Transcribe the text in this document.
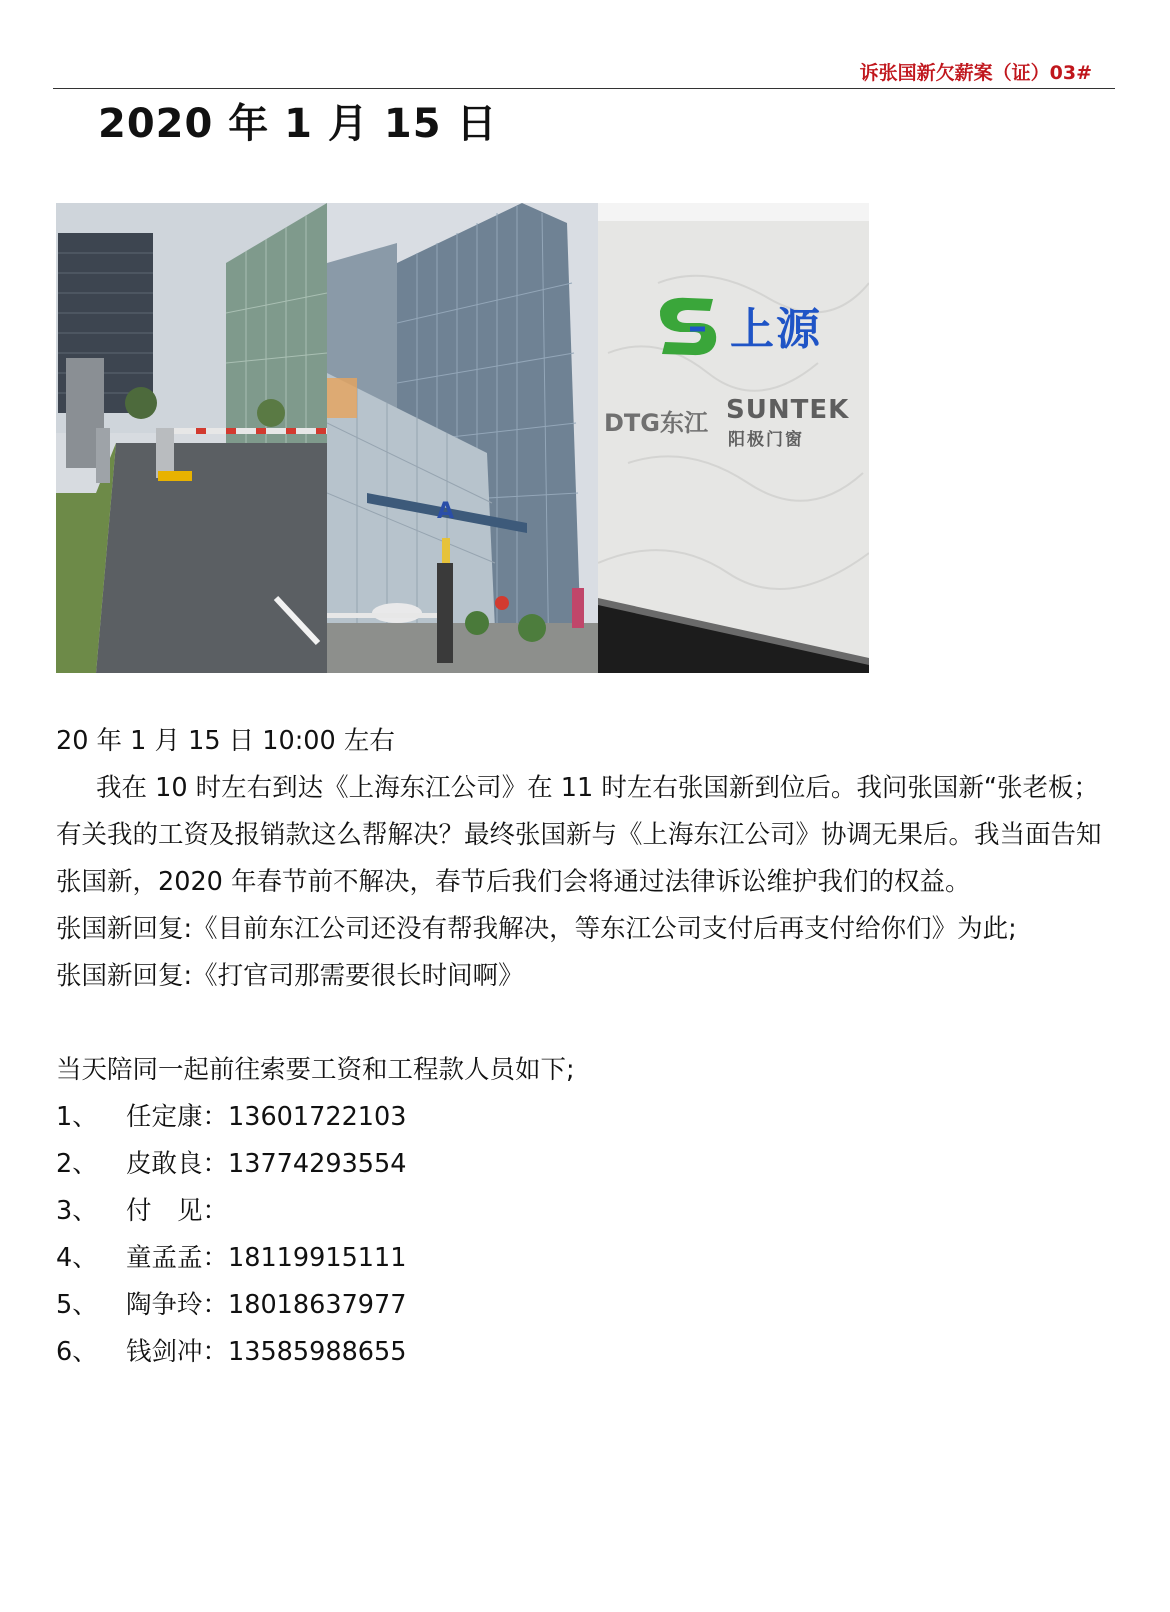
诉张国新欠薪案（证）03#
2020 年 1 月 15 日
A
上源
DTG东江 SUNTEK
阳极门窗

20 年 1 月 15 日 10:00 左右

我在 10 时左右到达《上海东江公司》在 11 时左右张国新到位后。我问张国新“张老板；有关我的工资及报销款这么帮解决？最终张国新与《上海东江公司》协调无果后。我当面告知张国新，2020 年春节前不解决，春节后我们会将通过法律诉讼维护我们的权益。

张国新回复:《目前东江公司还没有帮我解决，等东江公司支付后再支付给你们》为此;

张国新回复:《打官司那需要很长时间啊》

当天陪同一起前往索要工资和工程款人员如下;

1、	任定康：13601722103
2、	皮敢良：13774293554
3、	付　见：
4、	童孟孟：18119915111
5、	陶争玲：18018637977
6、	钱剑冲：13585988655
